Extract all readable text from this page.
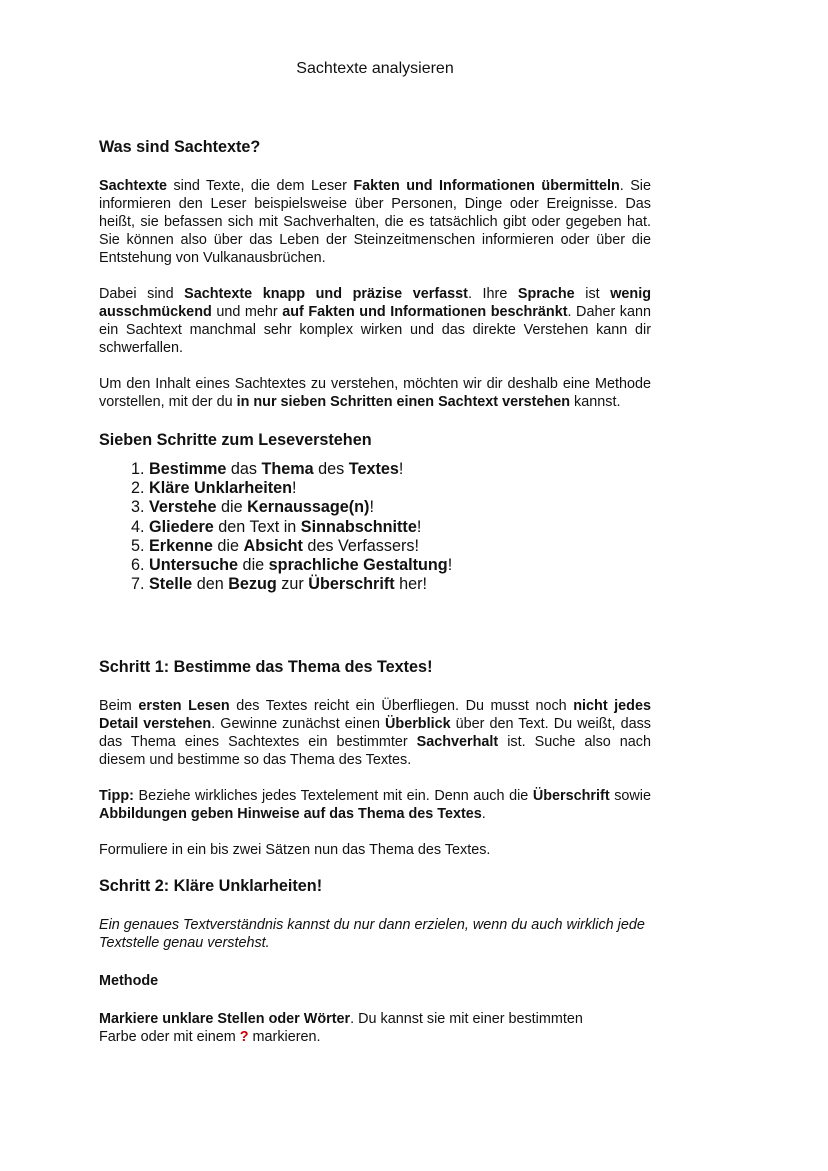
Sachtexte analysieren
Was sind Sachtexte?

Sachtexte sind Texte, die dem Leser Fakten und Informationen übermitteln. Sie informieren den Leser beispielsweise über Personen, Dinge oder Ereignisse. Das heißt, sie befassen sich mit Sachverhalten, die es tatsächlich gibt oder gegeben hat. Sie können also über das Leben der Steinzeitmenschen informieren oder über die Entstehung von Vulkanausbrüchen.

Dabei sind Sachtexte knapp und präzise verfasst. Ihre Sprache ist wenig ausschmückend und mehr auf Fakten und Informationen beschränkt. Daher kann ein Sachtext manchmal sehr komplex wirken und das direkte Verstehen kann dir schwerfallen.

Um den Inhalt eines Sachtextes zu verstehen, möchten wir dir deshalb eine Methode vorstellen, mit der du in nur sieben Schritten einen Sachtext verstehen kannst.

Sieben Schritte zum Leseverstehen
1. Bestimme das Thema des Textes!
2. Kläre Unklarheiten!
3. Verstehe die Kernaussage(n)!
4. Gliedere den Text in Sinnabschnitte!
5. Erkenne die Absicht des Verfassers!
6. Untersuche die sprachliche Gestaltung!
7. Stelle den Bezug zur Überschrift her!
Schritt 1: Bestimme das Thema des Textes!

Beim ersten Lesen des Textes reicht ein Überfliegen. Du musst noch nicht jedes Detail verstehen. Gewinne zunächst einen Überblick über den Text. Du weißt, dass das Thema eines Sachtextes ein bestimmter Sachverhalt ist. Suche also nach diesem und bestimme so das Thema des Textes.

Tipp: Beziehe wirkliches jedes Textelement mit ein. Denn auch die Überschrift sowie Abbildungen geben Hinweise auf das Thema des Textes.

Formuliere in ein bis zwei Sätzen nun das Thema des Textes.

Schritt 2: Kläre Unklarheiten!

Ein genaues Textverständnis kannst du nur dann erzielen, wenn du auch wirklich jede Textstelle genau verstehst.

Methode

Markiere unklare Stellen oder Wörter. Du kannst sie mit einer bestimmten
Farbe oder mit einem ? markieren.
